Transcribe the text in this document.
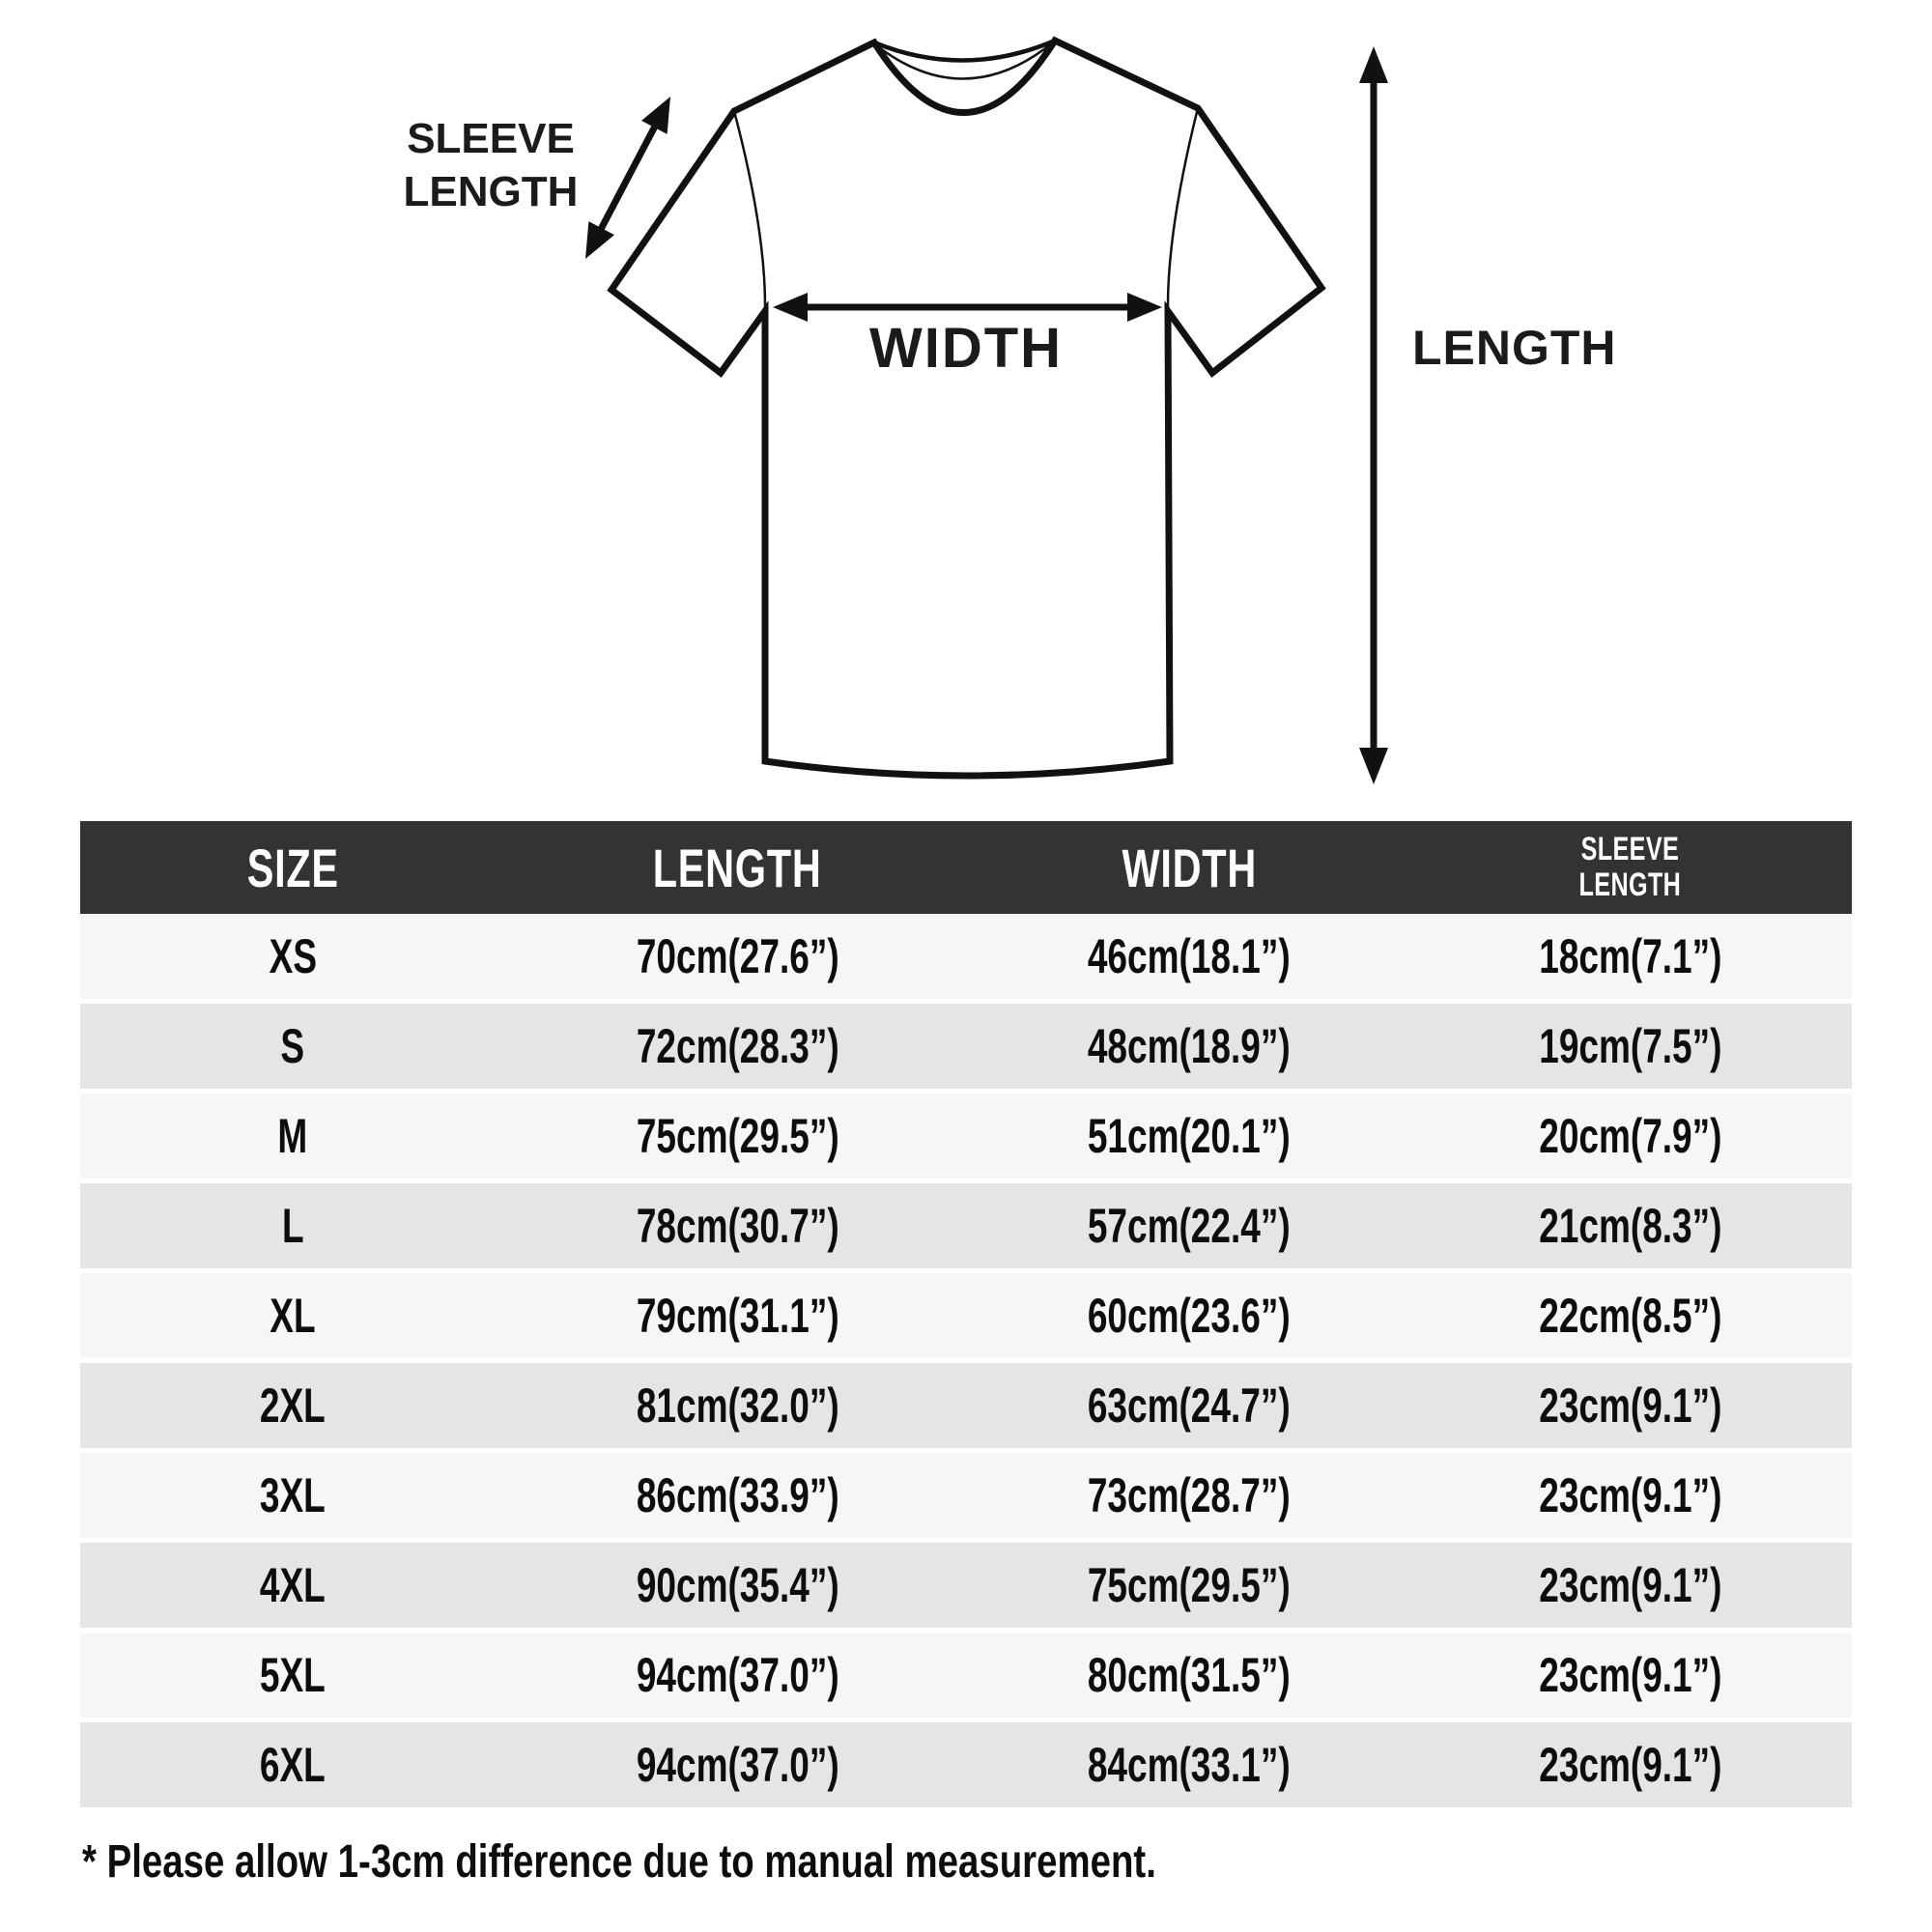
SLEEVE
LENGTH
WIDTH	LENGTH
SIZE	LENGTH	WIDTH	SLEEVE
LENGTH
XS	70cm(27.6”)	46cm(18.1”)	18cm(7.1”)
S	72cm(28.3”)	48cm(18.9”)	19cm(7.5”)
M	75cm(29.5”)	51cm(20.1”)	20cm(7.9”)
L	78cm(30.7”)	57cm(22.4”)	21cm(8.3”)
XL	79cm(31.1”)	60cm(23.6”)	22cm(8.5”)
2XL	81cm(32.0”)	63cm(24.7”)	23cm(9.1”)
3XL	86cm(33.9”)	73cm(28.7”)	23cm(9.1”)
4XL	90cm(35.4”)	75cm(29.5”)	23cm(9.1”)
5XL	94cm(37.0”)	80cm(31.5”)	23cm(9.1”)
6XL	94cm(37.0”)	84cm(33.1”)	23cm(9.1”)
* Please allow 1-3cm difference due to manual measurement.
